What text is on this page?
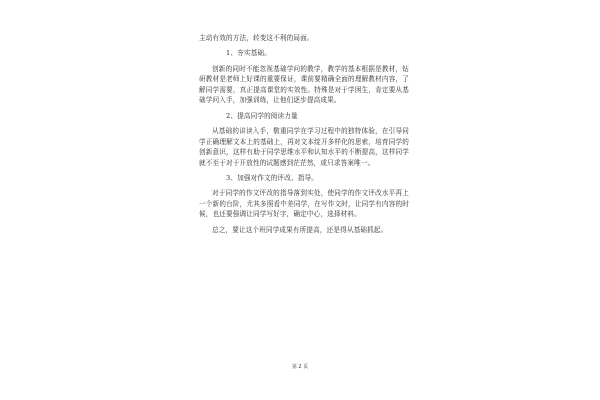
主动有效的方法，转变这不利的局面。

1、夯实基础。

创新的同时不能忽视基础学问的教学，教学的基本根据是教材，钻研教材是老师上好课的重要保证，课前要精确全面的理解教材内容，了解同学需要，真正提高课堂的实效性。特殊是对于学困生，肯定要从基础学问入手，加强训练，让他们逐步提高成果。

2、提高同学的阅读力量

从基础的讲读入手，敬重同学在学习过程中的独特体验，在引导同学正确理解文本上的基础上，再对文本绽开多样化的思索，培育同学的创新意识，这样有助于同学思维水平和认知水平的不断提高，这样同学就不至于对于开放性的试题感到茫茫然，或只求答案唯一。

3、加强对作文的评改、指导。

对于同学的作文评改的指导落到实处，使同学的作文评改水平再上一个新的台阶，尤其多照看中差同学，在写作文时，让同学有内容的时候，也还要强调让同学写好字，确定中心，选择材料。

总之，要让这个班同学成果有所提高，还是得从基础抓起。

第 2 页
